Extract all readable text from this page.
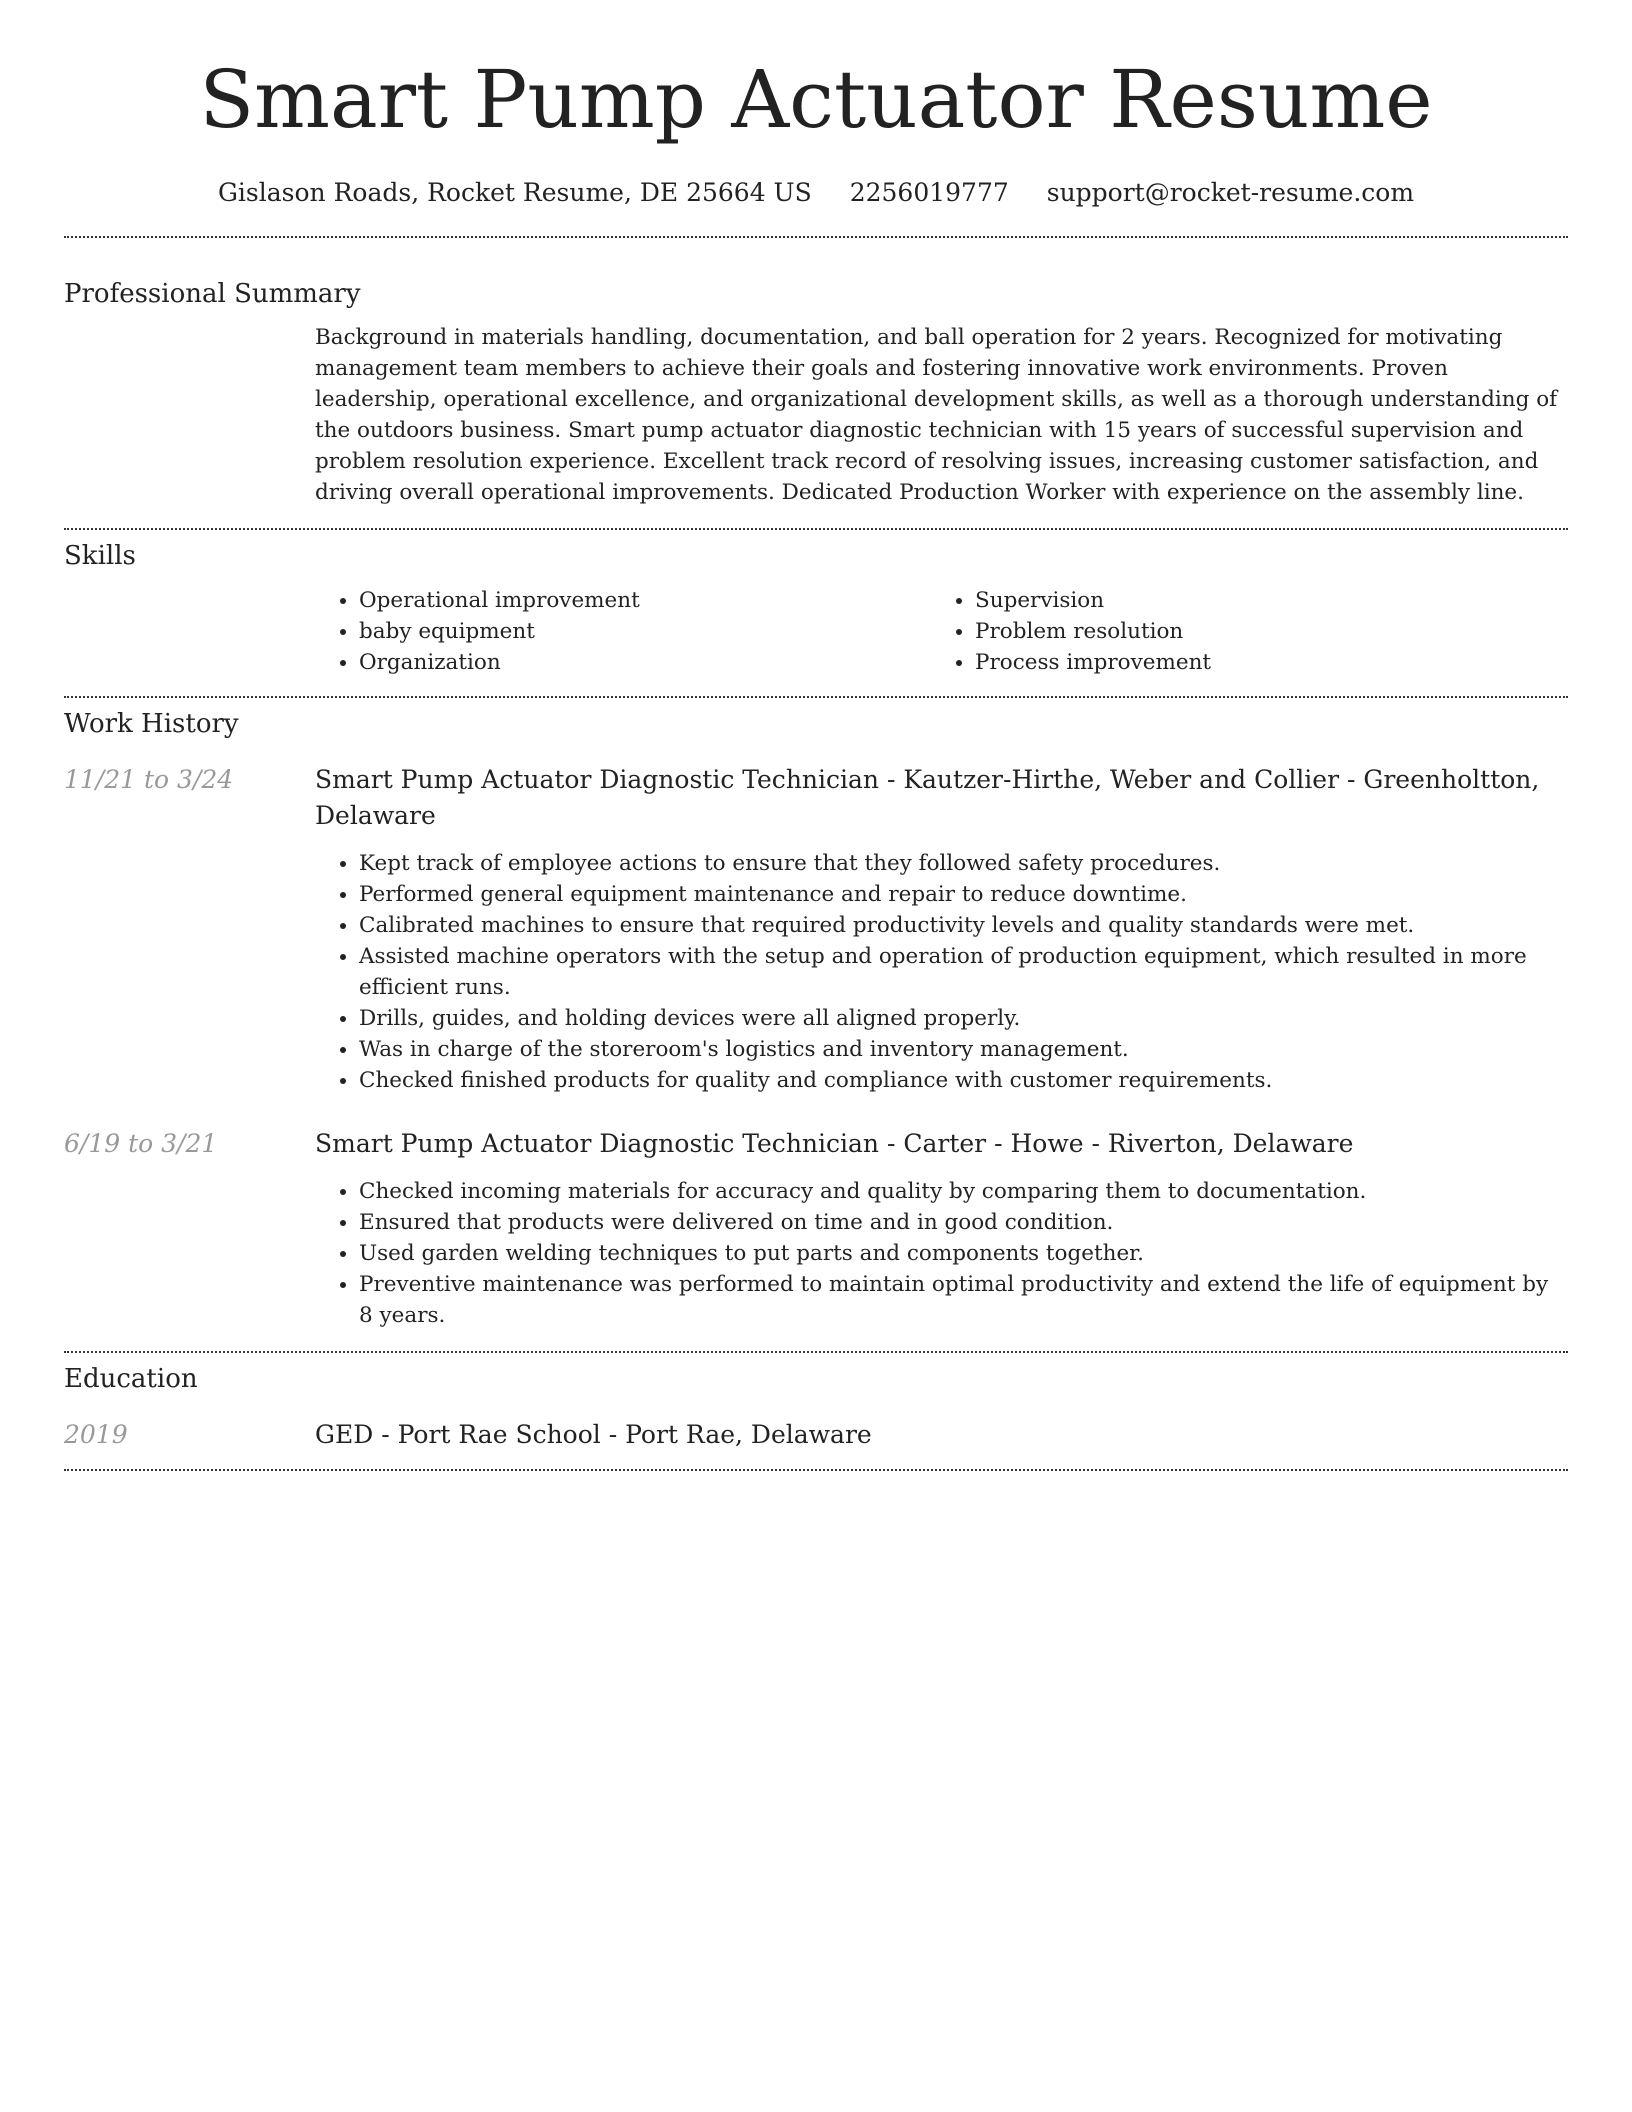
Smart Pump Actuator Resume
Gislason Roads, Rocket Resume, DE 25664 US 2256019777 support@rocket-resume.com
Professional Summary

Background in materials handling, documentation, and ball operation for 2 years. Recognized for motivating management team members to achieve their goals and fostering innovative work environments. Proven leadership, operational excellence, and organizational development skills, as well as a thorough understanding of the outdoors business. Smart pump actuator diagnostic technician with 15 years of successful supervision and problem resolution experience. Excellent track record of resolving issues, increasing customer satisfaction, and driving overall operational improvements. Dedicated Production Worker with experience on the assembly line.

Skills
• Operational improvement
• baby equipment
• Organization
• Supervision
• Problem resolution
• Process improvement
Work History
11/21 to 3/24	Smart Pump Actuator Diagnostic Technician - Kautzer-Hirthe, Weber and Collier - Greenholtton, Delaware

• Kept track of employee actions to ensure that they followed safety procedures.
• Performed general equipment maintenance and repair to reduce downtime.
• Calibrated machines to ensure that required productivity levels and quality standards were met.
• Assisted machine operators with the setup and operation of production equipment, which resulted in more efficient runs.
• Drills, guides, and holding devices were all aligned properly.
• Was in charge of the storeroom's logistics and inventory management.
• Checked finished products for quality and compliance with customer requirements.
6/19 to 3/21	Smart Pump Actuator Diagnostic Technician - Carter - Howe - Riverton, Delaware

• Checked incoming materials for accuracy and quality by comparing them to documentation.
• Ensured that products were delivered on time and in good condition.
• Used garden welding techniques to put parts and components together.
• Preventive maintenance was performed to maintain optimal productivity and extend the life of equipment by 8 years.
Education
2019	GED - Port Rae School - Port Rae, Delaware
